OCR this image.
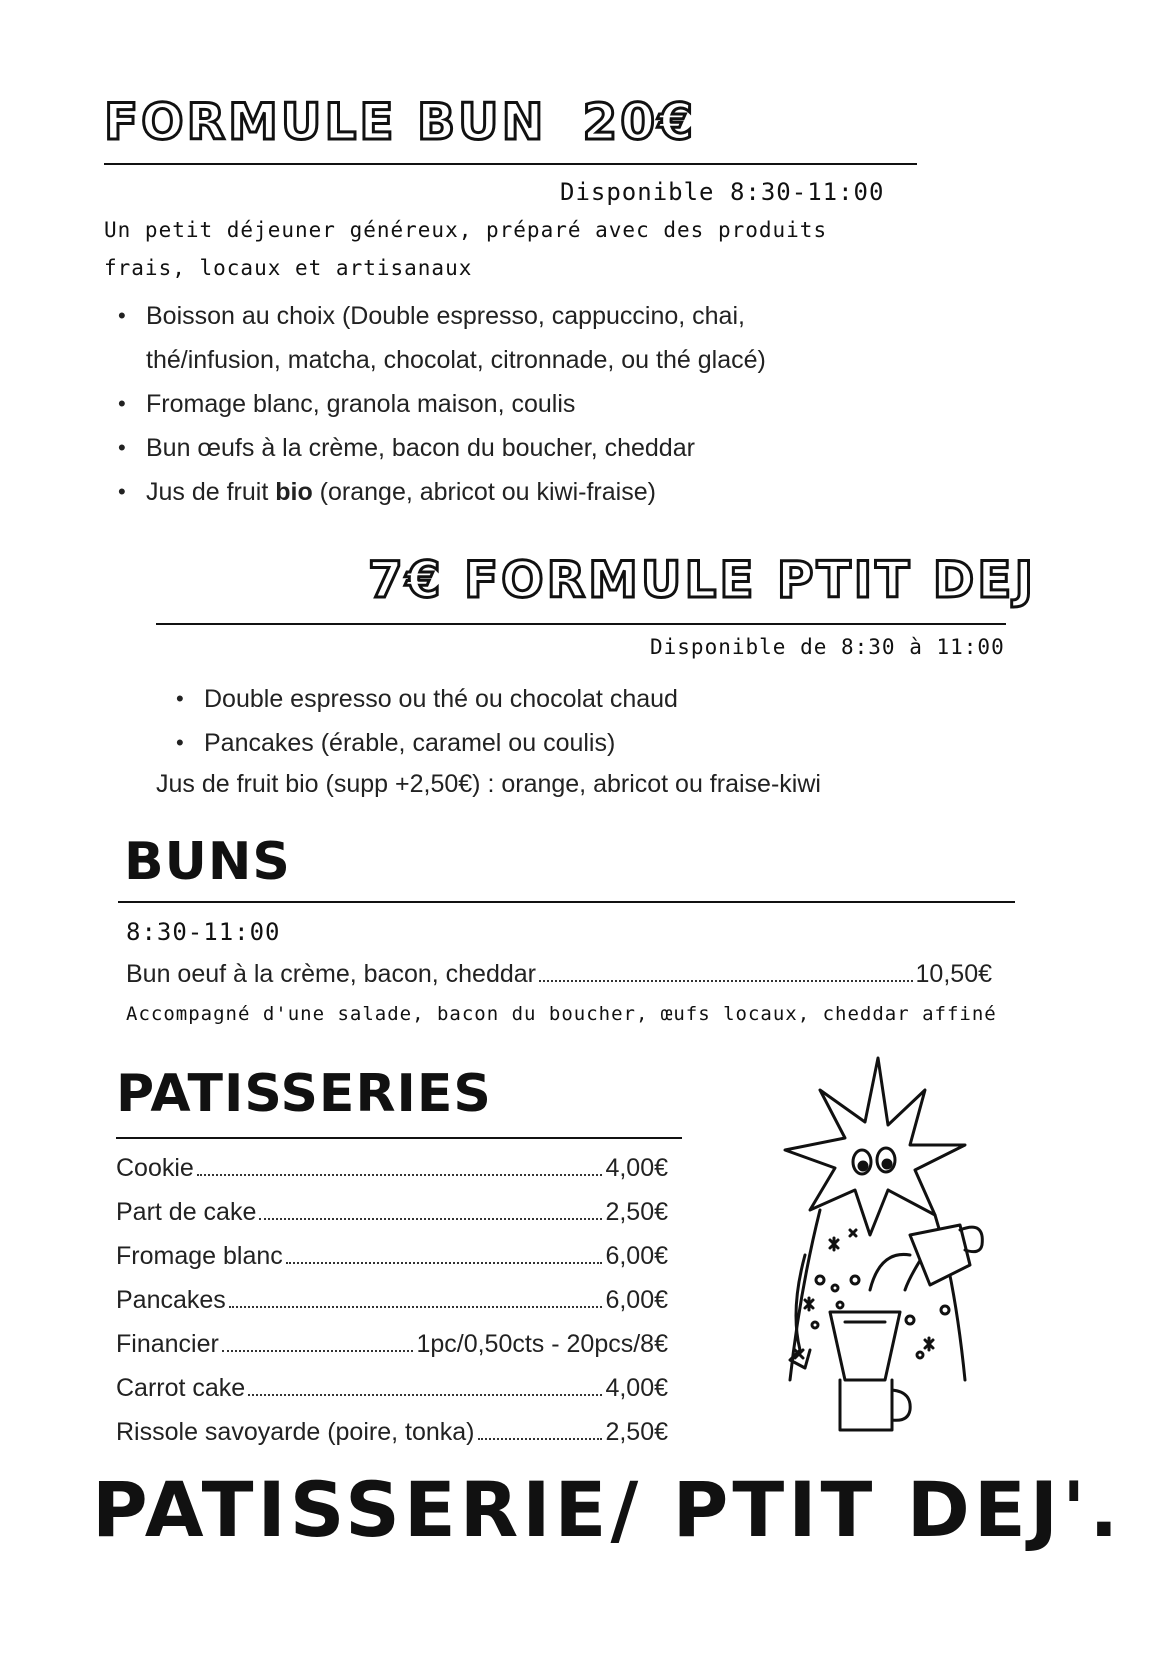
FORMULE BUN 20€
Disponible 8:30-11:00
Un petit déjeuner généreux, préparé avec des produits
frais, locaux et artisanaux
• Boisson au choix (Double espresso, cappuccino, chai,
thé/infusion, matcha, chocolat, citronnade, ou thé glacé)
• Fromage blanc, granola maison, coulis
• Bun œufs à la crème, bacon du boucher, cheddar
• Jus de fruit bio (orange, abricot ou kiwi-fraise)
7€ FORMULE PTIT DEJ
Disponible de 8:30 à 11:00
• Double espresso ou thé ou chocolat chaud
• Pancakes (érable, caramel ou coulis)
Jus de fruit bio (supp +2,50€) : orange, abricot ou fraise-kiwi
BUNS
8:30-11:00
Bun oeuf à la crème, bacon, cheddar	10,50€
Accompagné d'une salade, bacon du boucher, œufs locaux, cheddar affiné
PATISSERIES
Cookie	4,00€
Part de cake	2,50€
Fromage blanc	6,00€
Pancakes	6,00€
Financier	1pc/0,50cts - 20pcs/8€
Carrot cake	4,00€
Rissole savoyarde (poire, tonka)	2,50€
PATISSERIE/ PTIT DEJ'.
